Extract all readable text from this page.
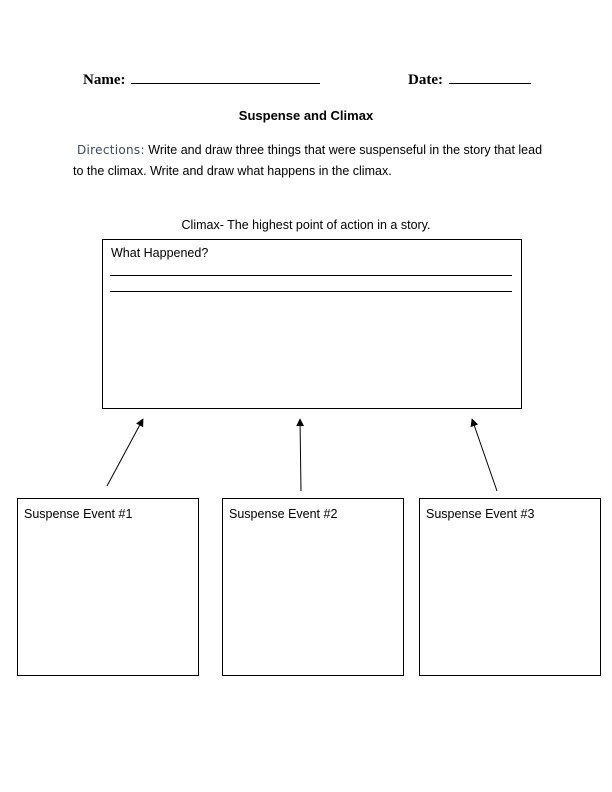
Name:	Date:
Suspense and Climax
Directions: Write and draw three things that were suspenseful in the story that lead to the climax. Write and draw what happens in the climax.
Climax- The highest point of action in a story.
What Happened?
Suspense Event #1	Suspense Event #2	Suspense Event #3
